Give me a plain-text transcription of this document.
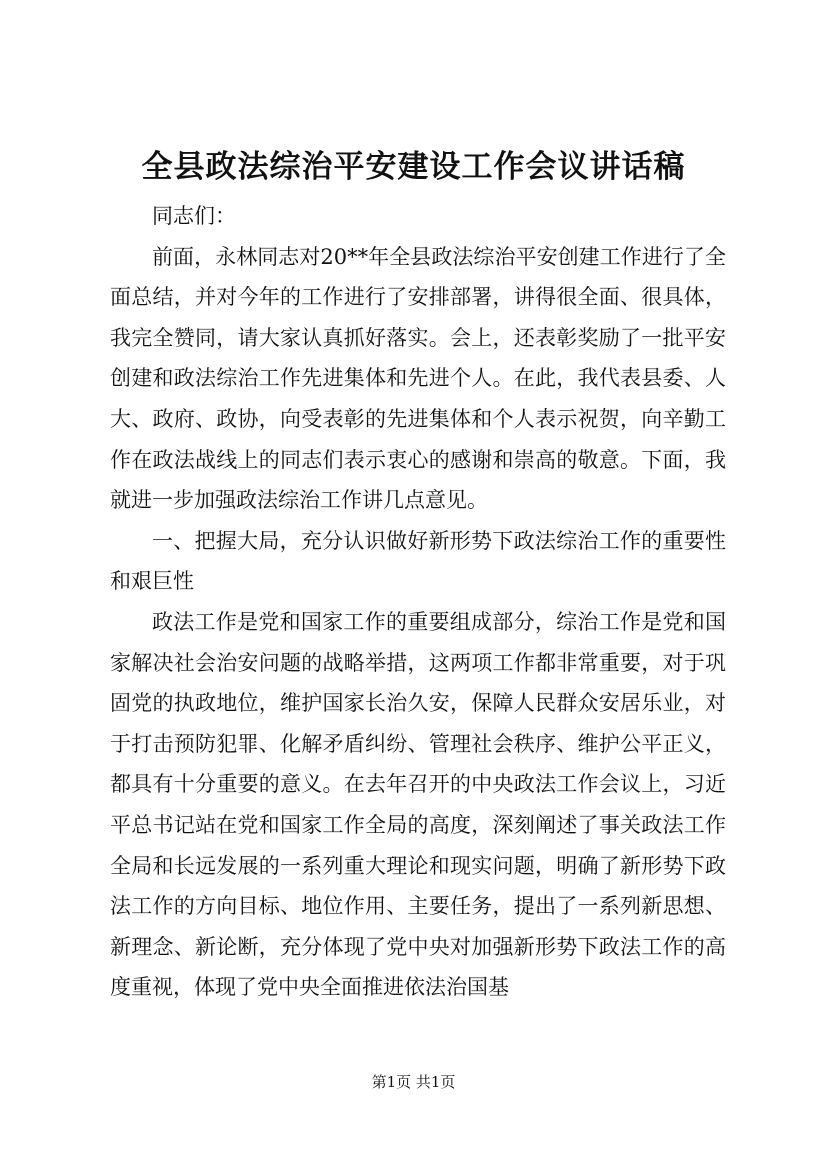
全县政法综治平安建设工作会议讲话稿

同志们：

前面，永林同志对20**年全县政法综治平安创建工作进行了全面总结，并对今年的工作进行了安排部署，讲得很全面、很具体，我完全赞同，请大家认真抓好落实。会上，还表彰奖励了一批平安创建和政法综治工作先进集体和先进个人。在此，我代表县委、人大、政府、政协，向受表彰的先进集体和个人表示祝贺，向辛勤工作在政法战线上的同志们表示衷心的感谢和崇高的敬意。下面，我就进一步加强政法综治工作讲几点意见。

一、把握大局，充分认识做好新形势下政法综治工作的重要性和艰巨性

政法工作是党和国家工作的重要组成部分，综治工作是党和国家解决社会治安问题的战略举措，这两项工作都非常重要，对于巩固党的执政地位，维护国家长治久安，保障人民群众安居乐业，对于打击预防犯罪、化解矛盾纠纷、管理社会秩序、维护公平正义，都具有十分重要的意义。在去年召开的中央政法工作会议上，习近平总书记站在党和国家工作全局的高度，深刻阐述了事关政法工作全局和长远发展的一系列重大理论和现实问题，明确了新形势下政法工作的方向目标、地位作用、主要任务，提出了一系列新思想、新理念、新论断，充分体现了党中央对加强新形势下政法工作的高度重视，体现了党中央全面推进依法治国基

第1页 共1页
